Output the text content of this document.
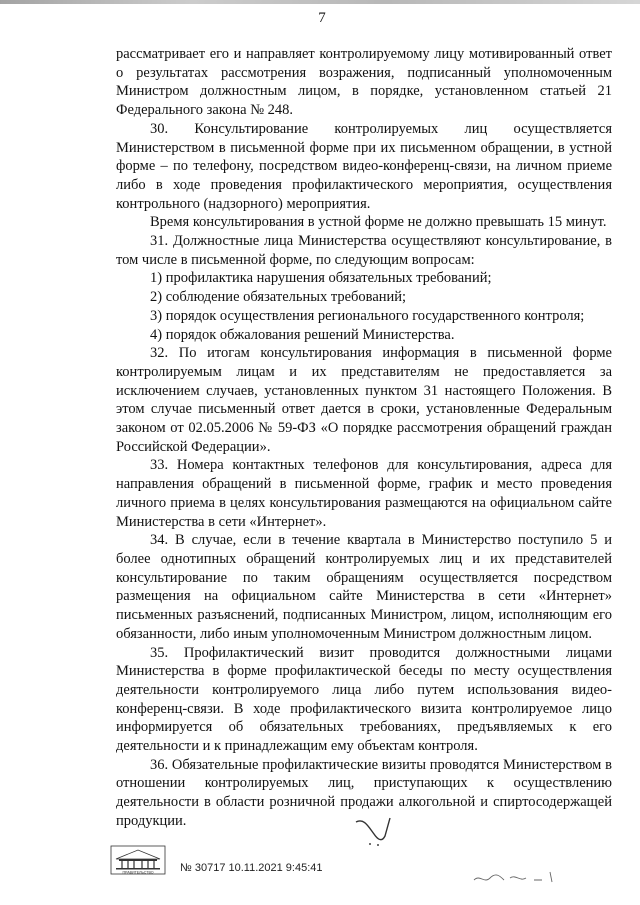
7

рассматривает его и направляет контролируемому лицу мотивированный ответ о результатах рассмотрения возражения, подписанный уполномоченным Министром должностным лицом, в порядке, установленном статьей 21 Федерального закона № 248.

30. Консультирование контролируемых лиц осуществляется Министерством в письменной форме при их письменном обращении, в устной форме – по телефону, посредством видео-конференц-связи, на личном приеме либо в ходе проведения профилактического мероприятия, осуществления контрольного (надзорного) мероприятия.

Время консультирования в устной форме не должно превышать 15 минут.

31. Должностные лица Министерства осуществляют консультирование, в том числе в письменной форме, по следующим вопросам:

1) профилактика нарушения обязательных требований;

2) соблюдение обязательных требований;

3) порядок осуществления регионального государственного контроля;

4) порядок обжалования решений Министерства.

32. По итогам консультирования информация в письменной форме контролируемым лицам и их представителям не предоставляется за исключением случаев, установленных пунктом 31 настоящего Положения. В этом случае письменный ответ дается в сроки, установленные Федеральным законом от 02.05.2006 № 59-ФЗ «О порядке рассмотрения обращений граждан Российской Федерации».

33. Номера контактных телефонов для консультирования, адреса для направления обращений в письменной форме, график и место проведения личного приема в целях консультирования размещаются на официальном сайте Министерства в сети «Интернет».

34. В случае, если в течение квартала в Министерство поступило 5 и более однотипных обращений контролируемых лиц и их представителей консультирование по таким обращениям осуществляется посредством размещения на официальном сайте Министерства в сети «Интернет» письменных разъяснений, подписанных Министром, лицом, исполняющим его обязанности, либо иным уполномоченным Министром должностным лицом.

35. Профилактический визит проводится должностными лицами Министерства в форме профилактической беседы по месту осуществления деятельности контролируемого лица либо путем использования видео-конференц-связи. В ходе профилактического визита контролируемое лицо информируется об обязательных требованиях, предъявляемых к его деятельности и к принадлежащим ему объектам контроля.

36. Обязательные профилактические визиты проводятся Министерством в отношении контролируемых лиц, приступающих к осуществлению деятельности в области розничной продажи алкогольной и спиртосодержащей продукции.

ПРАВИТЕЛЬСТВО № 30717 10.11.2021 9:45:41
